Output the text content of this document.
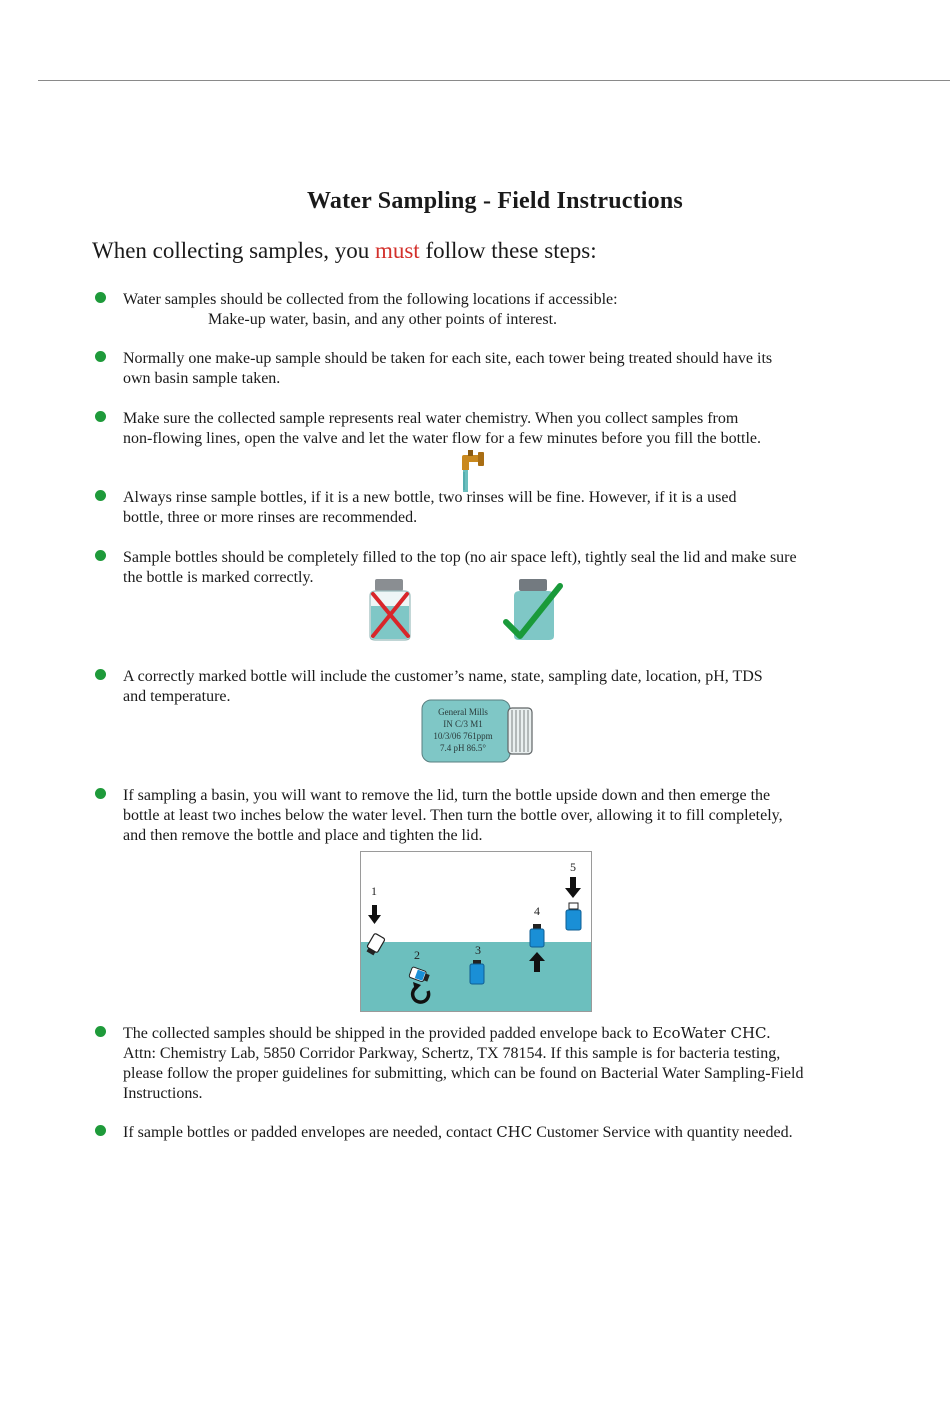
Water Sampling - Field Instructions
When collecting samples, you must follow these steps:
Water samples should be collected from the following locations if accessible:
Make-up water, basin, and any other points of interest.
Normally one make-up sample should be taken for each site, each tower being treated should have its
own basin sample taken.
Make sure the collected sample represents real water chemistry. When you collect samples from
non-flowing lines, open the valve and let the water flow for a few minutes before you fill the bottle.
Always rinse sample bottles, if it is a new bottle, two rinses will be fine. However, if it is a used
bottle, three or more rinses are recommended.
Sample bottles should be completely filled to the top (no air space left), tightly seal the lid and make sure
the bottle is marked correctly.
A correctly marked bottle will include the customer’s name, state, sampling date, location, pH, TDS
and temperature.
General Mills
IN C/3 M1
10/3/06 761ppm
7.4 pH 86.5°
If sampling a basin, you will want to remove the lid, turn the bottle upside down and then emerge the
bottle at least two inches below the water level. Then turn the bottle over, allowing it to fill completely,
and then remove the bottle and place and tighten the lid.
1
2	3
4
5
The collected samples should be shipped in the provided padded envelope back to EcoWater CHC.
Attn: Chemistry Lab, 5850 Corridor Parkway, Schertz, TX 78154. If this sample is for bacteria testing,
please follow the proper guidelines for submitting, which can be found on Bacterial Water Sampling-Field
Instructions.
If sample bottles or padded envelopes are needed, contact CHC Customer Service with quantity needed.
